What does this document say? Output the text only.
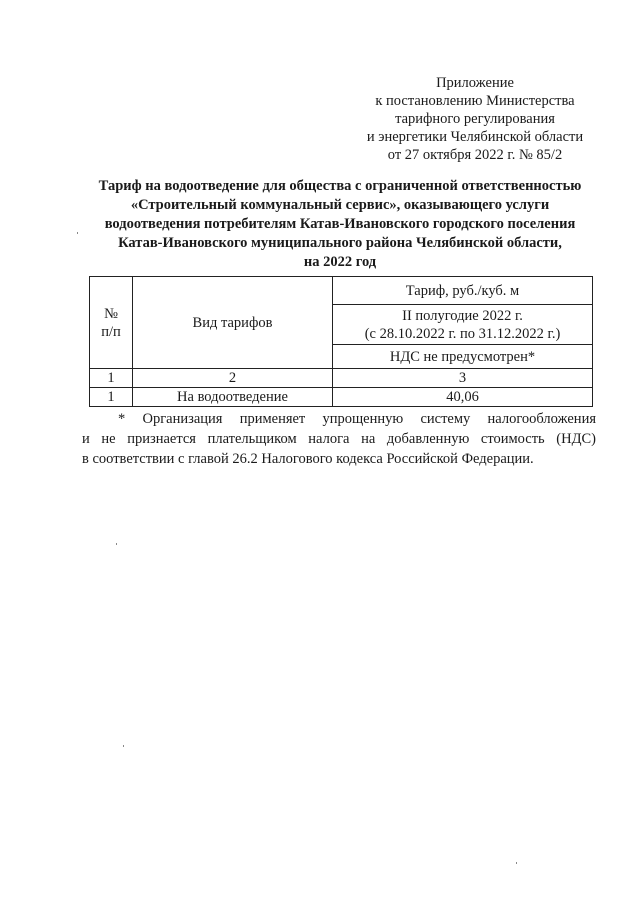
Приложение
к постановлению Министерства
тарифного регулирования
и энергетики Челябинской области
от 27 октября 2022 г. № 85/2
Тариф на водоотведение для общества с ограниченной ответственностью
«Строительный коммунальный сервис», оказывающего услуги
водоотведения потребителям Катав-Ивановского городского поселения
Катав-Ивановского муниципального района Челябинской области,
на 2022 год
№
п/п	Вид тарифов	Тариф, руб./куб. м

		II полугодие 2022 г.
(с 28.10.2022 г. по 31.12.2022 г.)

		НДС не предусмотрен*
1	2	3
1	На водоотведение	40,06
* Организация применяет упрощенную систему налогообложения
и не признается плательщиком налога на добавленную стоимость (НДС)
в соответствии с главой 26.2 Налогового кодекса Российской Федерации.
